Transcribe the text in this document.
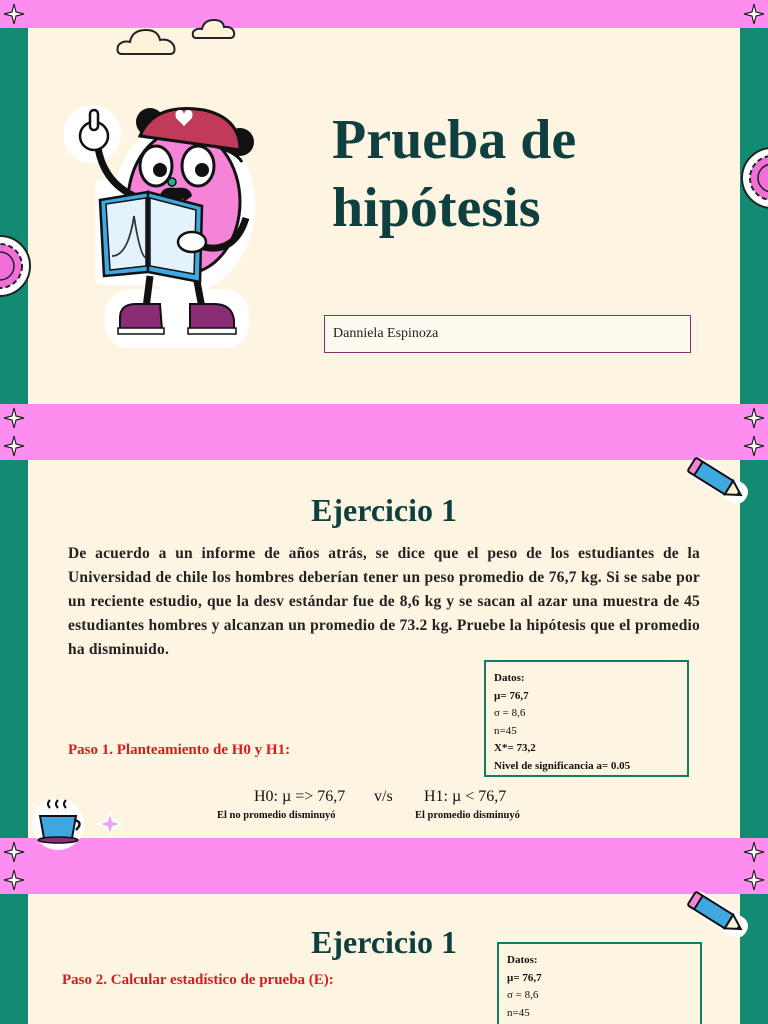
Prueba de
hipótesis
Danniela Espinoza
Ejercicio 1
De acuerdo a un informe de años atrás, se dice que el peso de los estudiantes de la Universidad de chile los hombres deberían tener un peso promedio de 76,7 kg. Si se sabe por un reciente estudio, que la desv estándar fue de 8,6 kg y se sacan al azar una muestra de 45 estudiantes hombres y alcanzan un promedio de 73.2 kg. Pruebe la hipótesis que el promedio ha disminuido.
Datos:
µ= 76,7
σ = 8,6
n=45
X*= 73,2
Nivel de significancia a= 0.05
Paso 1. Planteamiento de H0 y H1:
H0: µ => 76,7 v/s H1: µ < 76,7
El no promedio disminuyó	El promedio disminuyó
Ejercicio 1
Paso 2. Calcular estadístico de prueba (E):
Datos:
µ= 76,7
σ = 8,6
n=45
